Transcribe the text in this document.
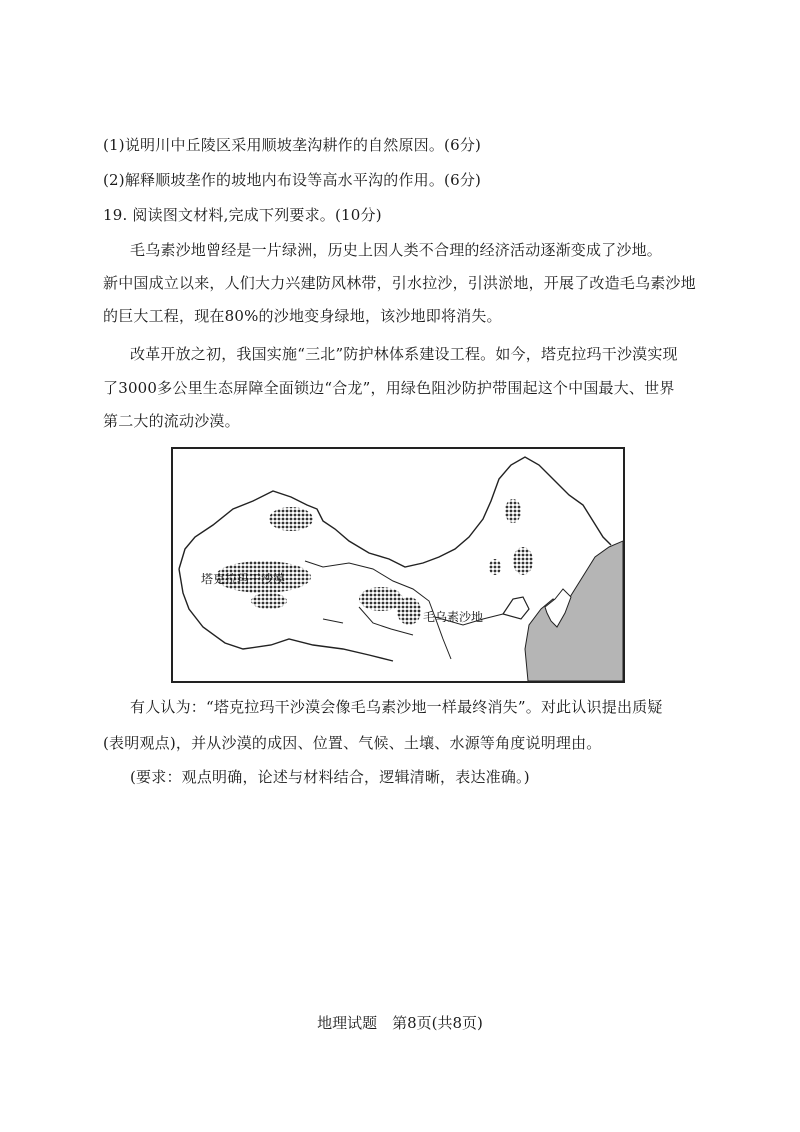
(1)说明川中丘陵区采用顺坡垄沟耕作的自然原因。(6分)
(2)解释顺坡垄作的坡地内布设等高水平沟的作用。(6分)
19. 阅读图文材料,完成下列要求。(10分)
毛乌素沙地曾经是一片绿洲，历史上因人类不合理的经济活动逐渐变成了沙地。
新中国成立以来，人们大力兴建防风林带，引水拉沙，引洪淤地，开展了改造毛乌素沙地
的巨大工程，现在80%的沙地变身绿地，该沙地即将消失。
改革开放之初，我国实施“三北”防护林体系建设工程。如今，塔克拉玛干沙漠实现
了3000多公里生态屏障全面锁边“合龙”，用绿色阻沙防护带围起这个中国最大、世界
第二大的流动沙漠。
塔克拉玛干沙漠
毛乌素沙地
有人认为：“塔克拉玛干沙漠会像毛乌素沙地一样最终消失”。对此认识提出质疑
(表明观点)，并从沙漠的成因、位置、气候、土壤、水源等角度说明理由。
(要求：观点明确，论述与材料结合，逻辑清晰，表达准确。)
地理试题　第8页(共8页)
